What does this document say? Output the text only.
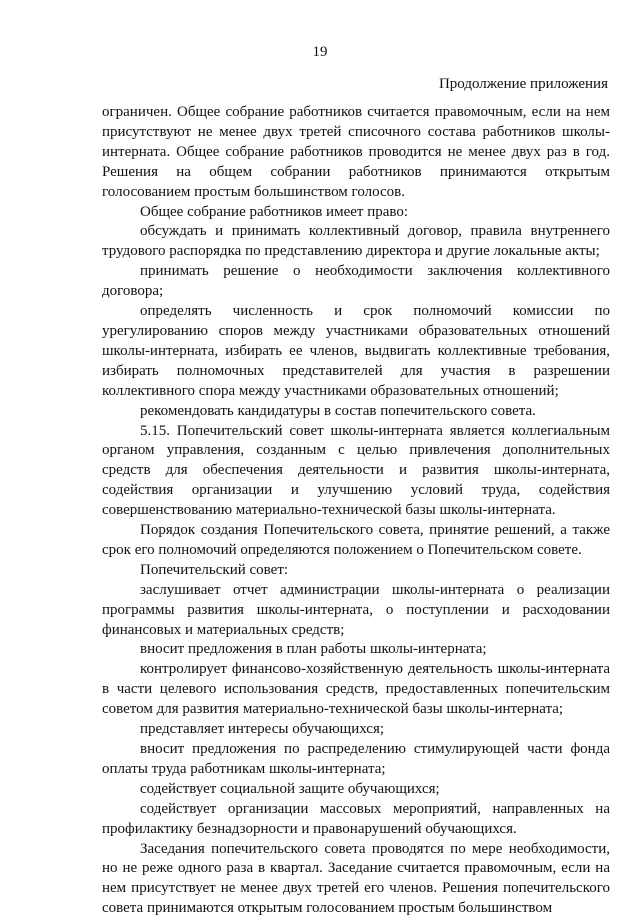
19
Продолжение приложения

ограничен. Общее собрание работников считается правомочным, если на нем присутствуют не менее двух третей списочного состава работников школы-интерната. Общее собрание работников проводится не менее двух раз в год. Решения на общем собрании работников принимаются открытым голосованием простым большинством голосов.

Общее собрание работников имеет право:

обсуждать и принимать коллективный договор, правила внутреннего трудового распорядка по представлению директора и другие локальные акты;

принимать решение о необходимости заключения коллективного договора;

определять численность и срок полномочий комиссии по урегулированию споров между участниками образовательных отношений школы-интерната, избирать ее членов, выдвигать коллективные требования, избирать полномочных представителей для участия в разрешении коллективного спора между участниками образовательных отношений;

рекомендовать кандидатуры в состав попечительского совета.

5.15. Попечительский совет школы-интерната является коллегиальным органом управления, созданным с целью привлечения дополнительных средств для обеспечения деятельности и развития школы-интерната, содействия организации и улучшению условий труда, содействия совершенствованию материально-технической базы школы-интерната.

Порядок создания Попечительского совета, принятие решений, а также срок его полномочий определяются положением о Попечительском совете.

Попечительский совет:

заслушивает отчет администрации школы-интерната о реализации программы развития школы-интерната, о поступлении и расходовании финансовых и материальных средств;

вносит предложения в план работы школы-интерната;

контролирует финансово-хозяйственную деятельность школы-интерната в части целевого использования средств, предоставленных попечительским советом для развития материально-технической базы школы-интерната;

представляет интересы обучающихся;

вносит предложения по распределению стимулирующей части фонда оплаты труда работникам школы-интерната;

содействует социальной защите обучающихся;

содействует организации массовых мероприятий, направленных на профилактику безнадзорности и правонарушений обучающихся.

Заседания попечительского совета проводятся по мере необходимости, но не реже одного раза в квартал. Заседание считается правомочным, если на нем присутствует не менее двух третей его членов. Решения попечительского совета принимаются открытым голосованием простым большинством
